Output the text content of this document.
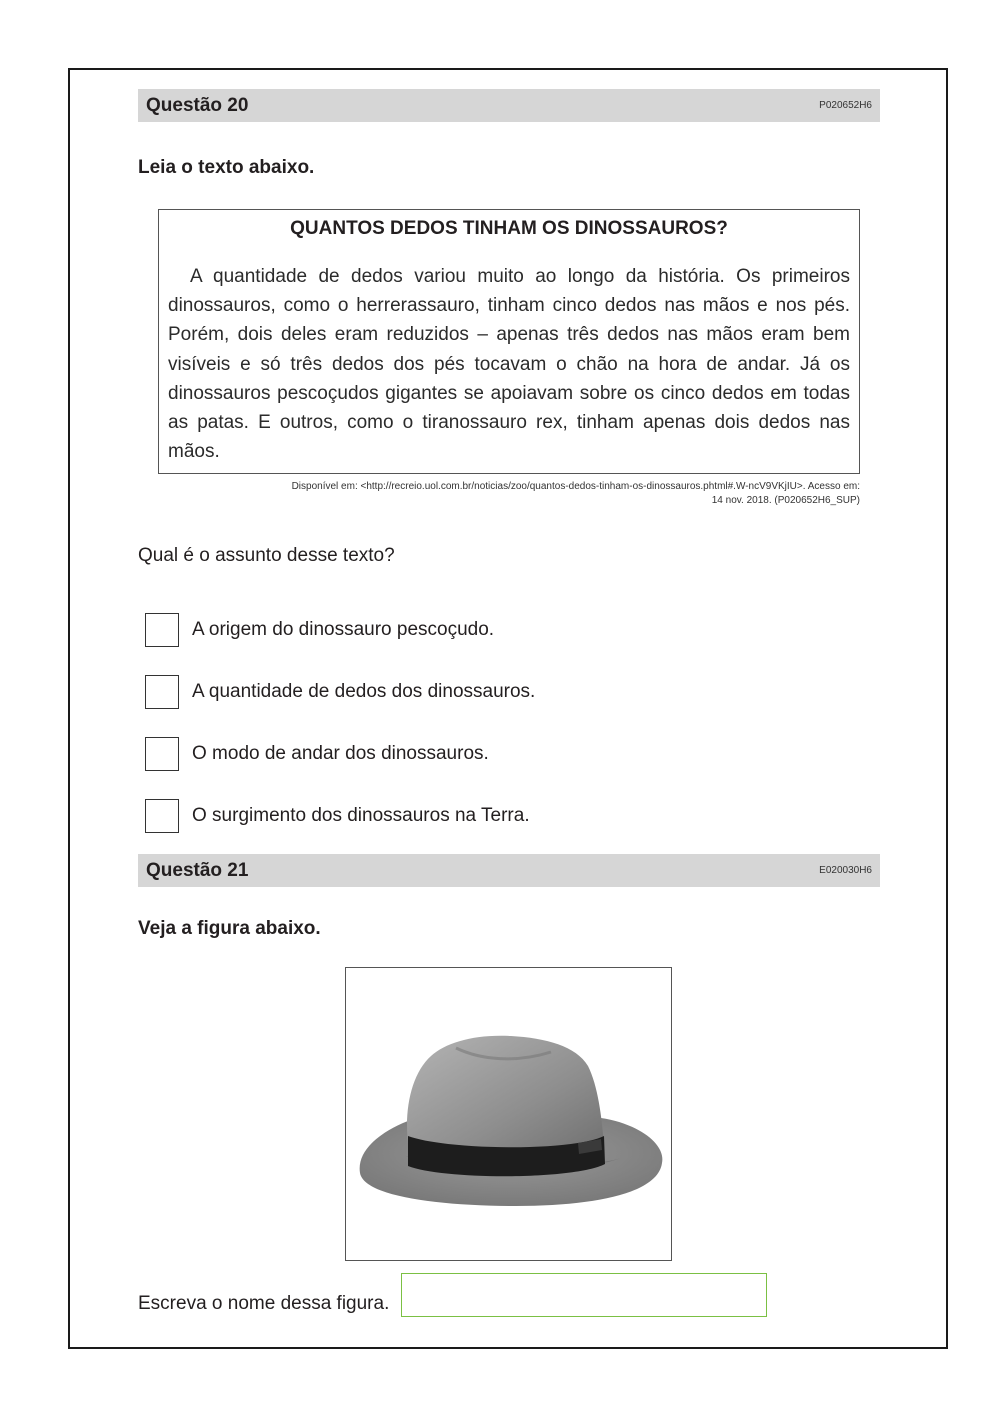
Questão 20	P020652H6
Leia o texto abaixo.

QUANTOS DEDOS TINHAM OS DINOSSAUROS?

A quantidade de dedos variou muito ao longo da história. Os primeiros dinossauros, como o herrerassauro, tinham cinco dedos nas mãos e nos pés. Porém, dois deles eram reduzidos – apenas três dedos nas mãos eram bem visíveis e só três dedos dos pés tocavam o chão na hora de andar. Já os dinossauros pescoçudos gigantes se apoiavam sobre os cinco dedos em todas as patas. E outros, como o tiranossauro rex, tinham apenas dois dedos nas mãos.

Disponível em: <http://recreio.uol.com.br/noticias/zoo/quantos-dedos-tinham-os-dinossauros.phtml#.W-ncV9VKjIU>. Acesso em:
14 nov. 2018. (P020652H6_SUP)
Qual é o assunto desse texto?
A origem do dinossauro pescoçudo.
A quantidade de dedos dos dinossauros.
O modo de andar dos dinossauros.
O surgimento dos dinossauros na Terra.
Questão 21	E020030H6
Veja a figura abaixo.
Escreva o nome dessa figura.
